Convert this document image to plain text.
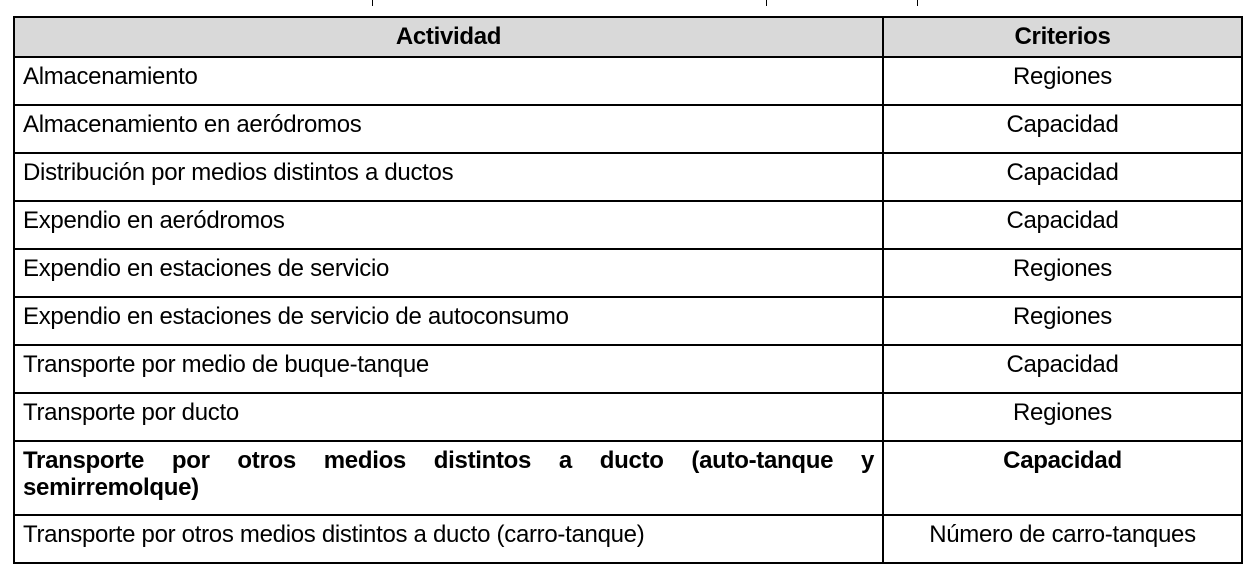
Actividad	Criterios
Almacenamiento	Regiones
Almacenamiento en aeródromos	Capacidad
Distribución por medios distintos a ductos	Capacidad
Expendio en aeródromos	Capacidad
Expendio en estaciones de servicio	Regiones
Expendio en estaciones de servicio de autoconsumo	Regiones
Transporte por medio de buque-tanque	Capacidad
Transporte por ducto	Regiones
Transporte por otros medios distintos a ducto (auto-tanque y semirremolque)	Capacidad
Transporte por otros medios distintos a ducto (carro-tanque)	Número de carro-tanques
